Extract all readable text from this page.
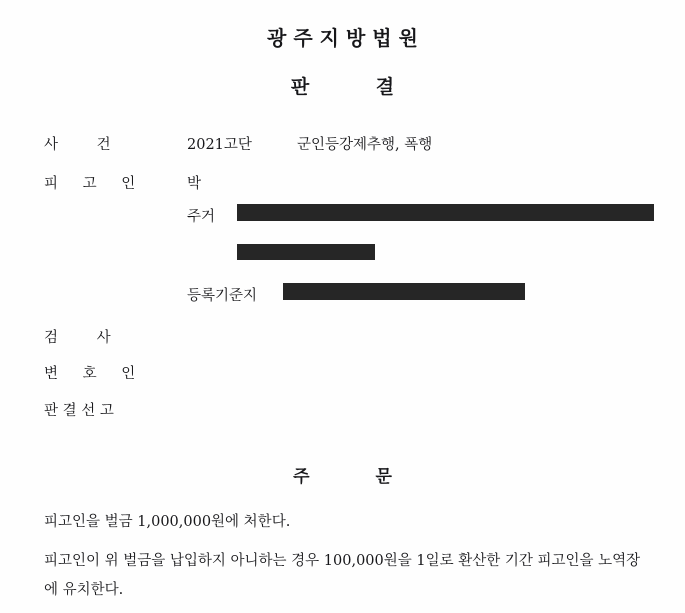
광주지방법원
판 결
사 건	2021고단	군인등강제추행, 폭행
피 고 인	박
주거
등록기준지
검 사
변 호 인
판 결 선 고
주 문
피고인을 벌금 1,000,000원에 처한다.
피고인이 위 벌금을 납입하지 아니하는 경우 100,000원을 1일로 환산한 기간 피고인을 노역장에 유치한다.
